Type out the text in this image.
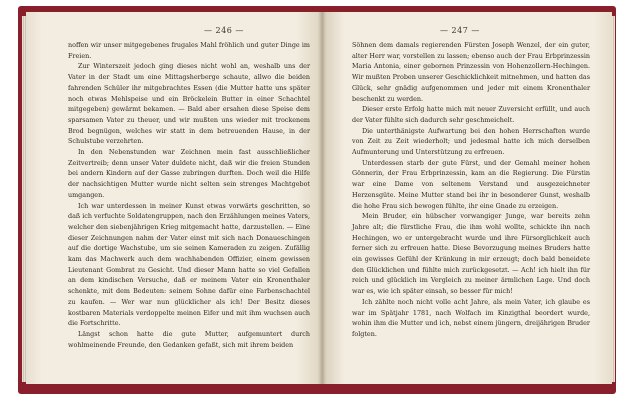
— 246 —

noffen wir unser mitgegebenes frugales Mahl fröhlich und guter Dinge im Freien.

Zur Winterszeit jedoch ging dieses nicht wohl an, weshalb uns der Vater in der Stadt um eine Mittagsherberge schaute, allwo die beiden fahrenden Schüler ihr mitgebrachtes Essen (die Mutter hatte uns später noch etwas Mehlspeise und ein Bröckelein Butter in einer Schachtel mitgegeben) gewärmt bekamen. — Bald aber ersahen diese Speise dem sparsamen Vater zu theuer, und wir mußten uns wieder mit trockenem Brod begnügen, welches wir statt in dem betreuenden Hause, in der Schulstube verzehrten.

In den Nebenstunden war Zeichnen mein fast ausschließlicher Zeitvertreib; denn unser Vater duldete nicht, daß wir die freien Stunden bei andern Kindern auf der Gasse zubringen durften. Doch weil die Hilfe der nachsichtigen Mutter wurde nicht selten sein strenges Machtgebot umgangen.

Ich war unterdessen in meiner Kunst etwas vorwärts geschritten, so daß ich verfuchte Soldatengruppen, nach den Erzählungen meines Vaters, welcher den siebenjährigen Krieg mitgemacht hatte, darzustellen. — Eine dieser Zeichnungen nahm der Vater einst mit sich nach Donaueschingen auf die dortige Wachstube, um sie seinen Kameraden zu zeigen. Zufällig kam das Machwerk auch dem wachhabenden Offizier, einem gewissen Lieutenant Gombrat zu Gesicht. Und dieser Mann hatte so viel Gefallen an dem kindischen Versuche, daß er meinem Vater ein Kronenthaler schenkte, mit dem Bedeuten: seinem Sohne dafür eine Farbenschachtel zu kaufen. — Wer war nun glücklicher als ich! Der Besitz dieses kostbaren Materials verdoppelte meinen Eifer und mit ihm wuchsen auch die Fortschritte.

Längst schon hatte die gute Mutter, aufgemuntert durch wohlmeinende Freunde, den Gedanken gefaßt, sich mit ihrem beiden

— 247 —

Söhnen dem damals regierenden Fürsten Joseph Wenzel, der ein guter, alter Herr war, vorstellen zu lassen; ebenso auch der Frau Erbprinzessin Maria Antonia, einer gebornen Prinzessin von Hohenzollern-Hechingen. Wir mußten Proben unserer Geschicklichkeit mitnehmen, und hatten das Glück, sehr gnädig aufgenommen und jeder mit einem Kronenthaler beschenkt zu werden.

Dieser erste Erfolg hatte mich mit neuer Zuversicht erfüllt, und auch der Vater fühlte sich dadurch sehr geschmeichelt.

Die unterthänigste Aufwartung bei den hohen Herrschaften wurde von Zeit zu Zeit wiederholt; und jedesmal hatte ich mich derselben Aufmunterung und Unterstützung zu erfreuen.

Unterdessen starb der gute Fürst, und der Gemahl meiner hohen Gönnerin, der Frau Erbprinzessin, kam an die Regierung. Die Fürstin war eine Dame von seltenem Verstand und ausgezeichneter Herzensgüte. Meine Mutter stand bei ihr in besonderer Gunst, weshalb die hohe Frau sich bewogen fühlte, ihr eine Gnade zu erzeigen.

Mein Bruder, ein hübscher vorwangiger Junge, war bereits zehn Jahre alt; die fürstliche Frau, die ihm wohl wollte, schickte ihn nach Hechingen, wo er untergebracht wurde und ihre Fürsorglichkeit auch ferner sich zu erfreuen hatte. Diese Bevorzugung meines Bruders hatte ein gewisses Gefühl der Kränkung in mir erzeugt; doch bald beneidete den Glücklichen und fühlte mich zurückgesetzt. — Ach! ich hielt ihn für reich und glücklich im Vergleich zu meiner ärmlichen Lage. Und doch war es, wie ich später einsah, so besser für mich!

Ich zählte noch nicht volle acht Jahre, als mein Vater, ich glaube es war im Spätjahr 1781, nach Wolfach im Kinzigthal beordert wurde, wohin ihm die Mutter und ich, nebst einem jüngern, dreijährigen Bruder folgten.
